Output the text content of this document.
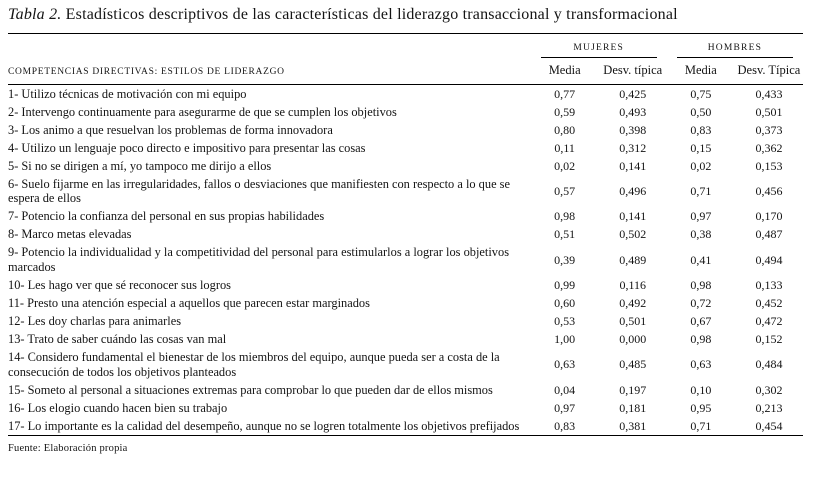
Tabla 2. Estadísticos descriptivos de las características del liderazgo transaccional y transformacional
COMPETENCIAS DIRECTIVAS: ESTILOS DE LIDERAZGO	MUJERES		HOMBRES	

	Media	Desv. típica	Media	Desv. Típica
1- Utilizo técnicas de motivación con mi equipo	0,77	0,425	0,75	0,433
2- Intervengo continuamente para asegurarme de que se cumplen los objetivos	0,59	0,493	0,50	0,501
3- Los animo a que resuelvan los problemas de forma innovadora	0,80	0,398	0,83	0,373
4- Utilizo un lenguaje poco directo e impositivo para presentar las cosas	0,11	0,312	0,15	0,362
5- Si no se dirigen a mí, yo tampoco me dirijo a ellos	0,02	0,141	0,02	0,153
6- Suelo fijarme en las irregularidades, fallos o desviaciones que manifiesten con respecto a lo que se espera de ellos	0,57	0,496	0,71	0,456
7- Potencio la confianza del personal en sus propias habilidades	0,98	0,141	0,97	0,170
8- Marco metas elevadas	0,51	0,502	0,38	0,487
9- Potencio la individualidad y la competitividad del personal para estimularlos a lograr los objetivos marcados	0,39	0,489	0,41	0,494
10- Les hago ver que sé reconocer sus logros	0,99	0,116	0,98	0,133
11- Presto una atención especial a aquellos que parecen estar marginados	0,60	0,492	0,72	0,452
12- Les doy charlas para animarles	0,53	0,501	0,67	0,472
13- Trato de saber cuándo las cosas van mal	1,00	0,000	0,98	0,152
14- Considero fundamental el bienestar de los miembros del equipo, aunque pueda ser a costa de la consecución de todos los objetivos planteados	0,63	0,485	0,63	0,484
15- Someto al personal a situaciones extremas para comprobar lo que pueden dar de ellos mismos	0,04	0,197	0,10	0,302
16- Los elogio cuando hacen bien su trabajo	0,97	0,181	0,95	0,213
17- Lo importante es la calidad del desempeño, aunque no se logren totalmente los objetivos prefijados	0,83	0,381	0,71	0,454
Fuente: Elaboración propia
